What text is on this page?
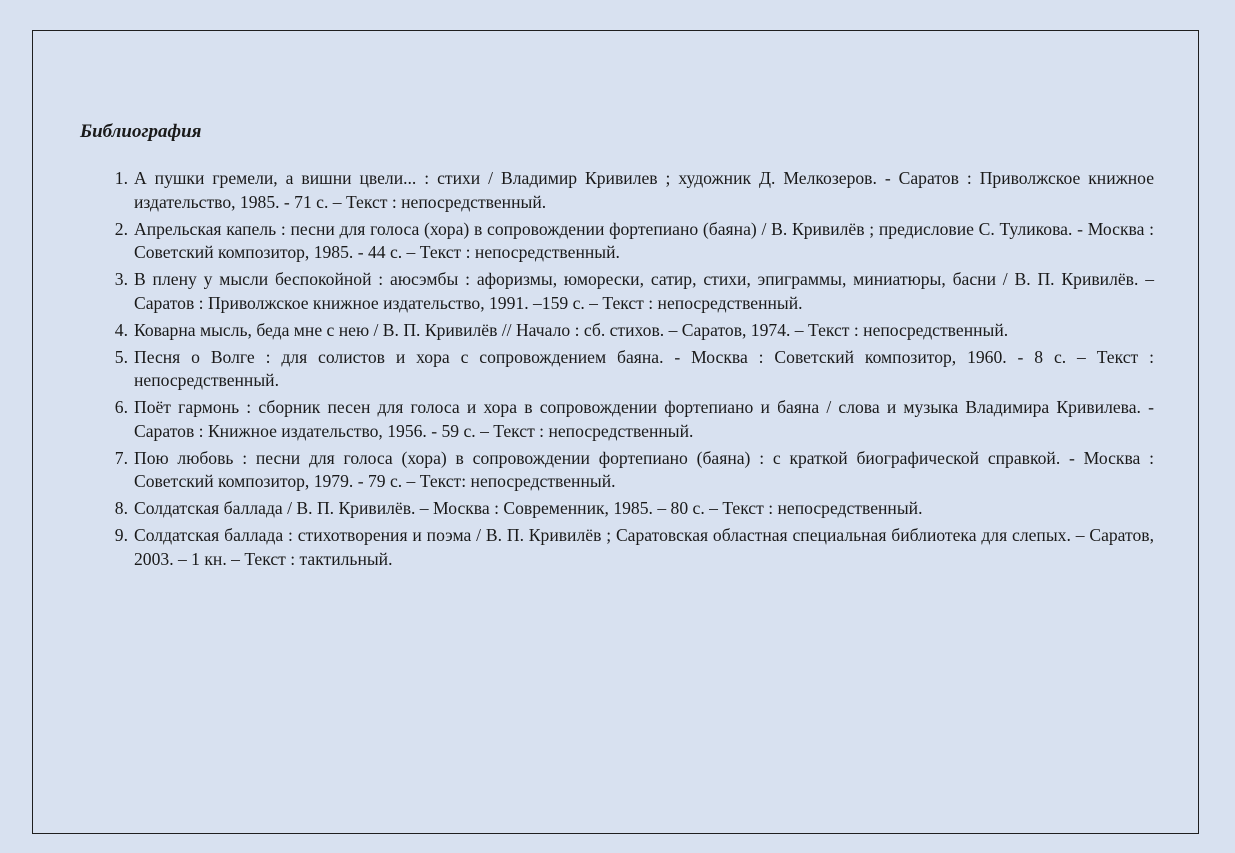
Библиография
1. А пушки гремели, а вишни цвели... : стихи / Владимир Кривилев ; художник Д. Мелкозеров. - Саратов : Приволжское книжное издательство, 1985. - 71 с. – Текст : непосредственный.
2. Апрельская капель : песни для голоса (хора) в сопровождении фортепиано (баяна) / В. Кривилёв ; предисловие С. Туликова. - Москва : Советский композитор, 1985. - 44 с. – Текст : непосредственный.
3. В плену у мысли беспокойной : аюсэмбы : афоризмы, юморески, сатир, стихи, эпиграммы, миниатюры, басни / В. П. Кривилёв. – Саратов : Приволжское книжное издательство, 1991. –159 с. – Текст : непосредственный.
4. Коварна мысль, беда мне с нею / В. П. Кривилёв // Начало : сб. стихов. – Саратов, 1974. – Текст : непосредственный.
5. Песня о Волге : для солистов и хора с сопровождением баяна. - Москва : Советский композитор, 1960. - 8 с. – Текст : непосредственный.
6. Поёт гармонь : сборник песен для голоса и хора в сопровождении фортепиано и баяна / слова и музыка Владимира Кривилева. - Саратов : Книжное издательство, 1956. - 59 с. – Текст : непосредственный.
7. Пою любовь : песни для голоса (хора) в сопровождении фортепиано (баяна) : с краткой биографической справкой. - Москва : Советский композитор, 1979. - 79 с. – Текст: непосредственный.
8. Солдатская баллада / В. П. Кривилёв. – Москва : Современник, 1985. – 80 с. – Текст : непосредственный.
9. Солдатская баллада : стихотворения и поэма / В. П. Кривилёв ; Саратовская областная специальная библиотека для слепых. – Саратов, 2003. – 1 кн. – Текст : тактильный.
